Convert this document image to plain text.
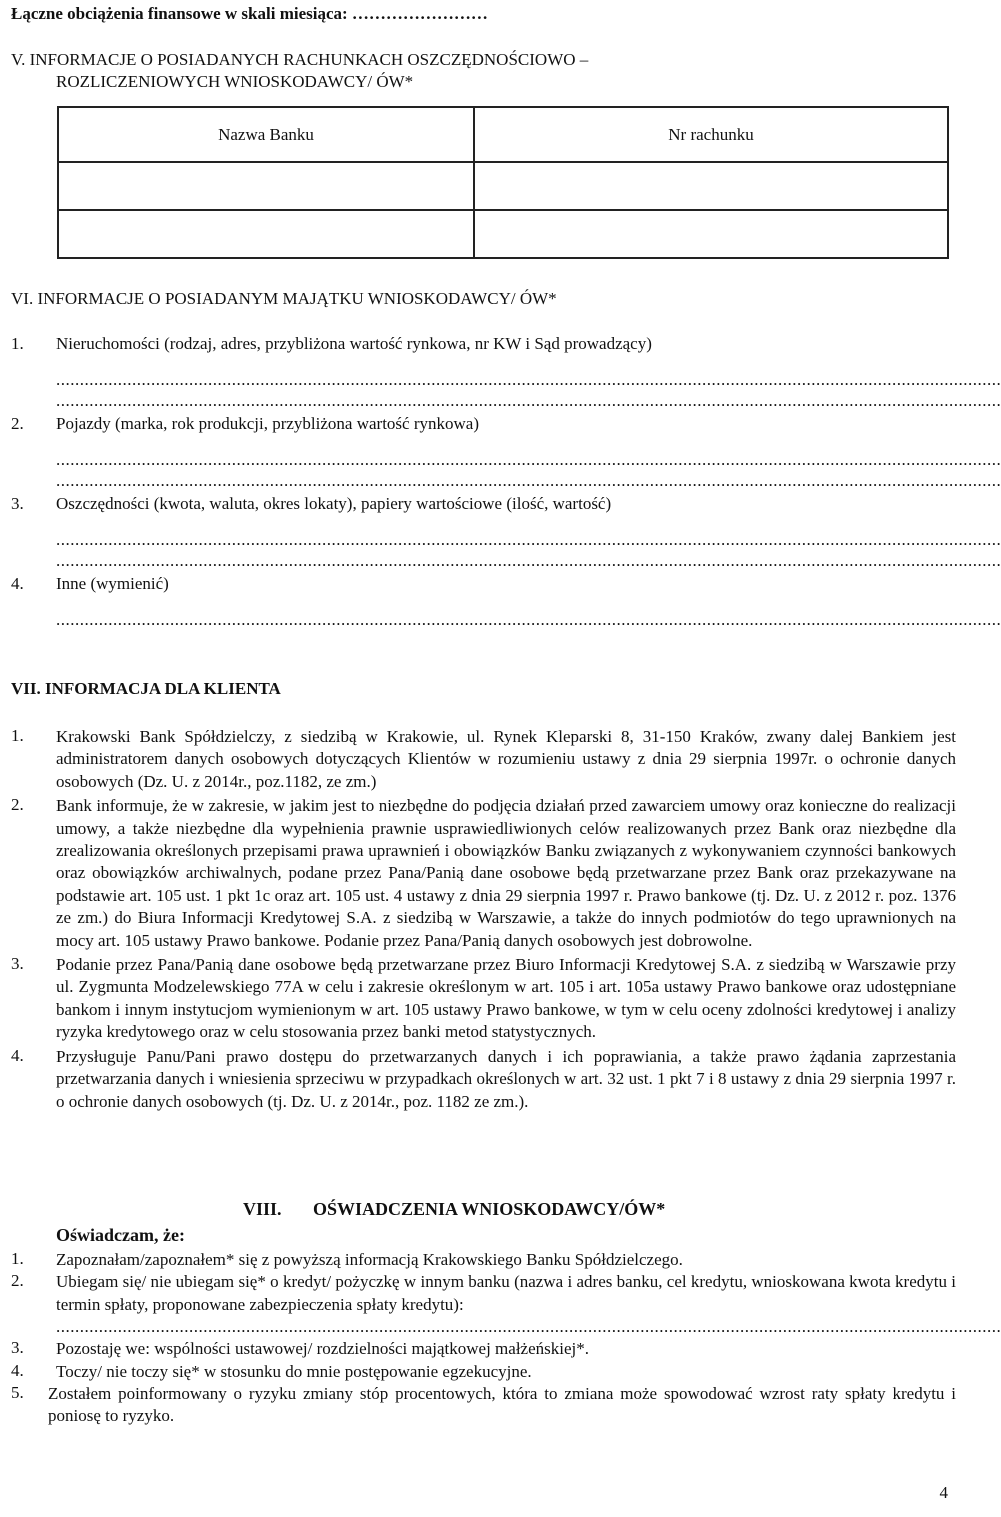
Łączne obciążenia finansowe w skali miesiąca: ……………………
V. INFORMACJE O POSIADANYCH RACHUNKACH OSZCZĘDNOŚCIOWO –
ROZLICZENIOWYCH WNIOSKODAWCY/ ÓW*
Nazwa Banku	Nr rachunku

VI. INFORMACJE O POSIADANYM MAJĄTKU WNIOSKODAWCY/ ÓW*
1. Nieruchomości (rodzaj, adres, przybliżona wartość rynkowa, nr KW i Sąd prowadzący)
.......................................................................................................................................................................................................
.......................................................................................................................................................................................................
2. Pojazdy (marka, rok produkcji, przybliżona wartość rynkowa)
.......................................................................................................................................................................................................
.......................................................................................................................................................................................................
3. Oszczędności (kwota, waluta, okres lokaty), papiery wartościowe (ilość, wartość)
.......................................................................................................................................................................................................
.......................................................................................................................................................................................................
4. Inne (wymienić)
.......................................................................................................................................................................................................
VII. INFORMACJA DLA KLIENTA
1. Krakowski Bank Spółdzielczy, z siedzibą w Krakowie, ul. Rynek Kleparski 8, 31-150 Kraków, zwany dalej Bankiem jest administratorem danych osobowych dotyczących Klientów w rozumieniu ustawy z dnia 29 sierpnia 1997r. o ochronie danych osobowych (Dz. U. z 2014r., poz.1182, ze zm.)
2. Bank informuje, że w zakresie, w jakim jest to niezbędne do podjęcia działań przed zawarciem umowy oraz konieczne do realizacji umowy, a także niezbędne dla wypełnienia prawnie usprawiedliwionych celów realizowanych przez Bank oraz niezbędne dla zrealizowania określonych przepisami prawa uprawnień i obowiązków Banku związanych z wykonywaniem czynności bankowych oraz obowiązków archiwalnych, podane przez Pana/Panią dane osobowe będą przetwarzane przez Bank oraz przekazywane na podstawie art. 105 ust. 1 pkt 1c oraz art. 105 ust. 4 ustawy z dnia 29 sierpnia 1997 r. Prawo bankowe (tj. Dz. U. z 2012 r. poz. 1376 ze zm.) do Biura Informacji Kredytowej S.A. z siedzibą w Warszawie, a także do innych podmiotów do tego uprawnionych na mocy art. 105 ustawy Prawo bankowe. Podanie przez Pana/Panią danych osobowych jest dobrowolne.
3. Podanie przez Pana/Panią dane osobowe będą przetwarzane przez Biuro Informacji Kredytowej S.A. z siedzibą w Warszawie przy ul. Zygmunta Modzelewskiego 77A w celu i zakresie określonym w art. 105 i art. 105a ustawy Prawo bankowe oraz udostępniane bankom i innym instytucjom wymienionym w art. 105 ustawy Prawo bankowe, w tym w celu oceny zdolności kredytowej i analizy ryzyka kredytowego oraz w celu stosowania przez banki metod statystycznych.
4. Przysługuje Panu/Pani prawo dostępu do przetwarzanych danych i ich poprawiania, a także prawo żądania zaprzestania przetwarzania danych i wniesienia sprzeciwu w przypadkach określonych w art. 32 ust. 1 pkt 7 i 8 ustawy z dnia 29 sierpnia 1997 r. o ochronie danych osobowych (tj. Dz. U. z 2014r., poz. 1182 ze zm.).
VIII. OŚWIADCZENIA WNIOSKODAWCY/ÓW*
Oświadczam, że:
1. Zapoznałam/zapoznałem* się z powyższą informacją Krakowskiego Banku Spółdzielczego.
2. Ubiegam się/ nie ubiegam się* o kredyt/ pożyczkę w innym banku (nazwa i adres banku, cel kredytu, wnioskowana kwota kredytu i termin spłaty, proponowane zabezpieczenia spłaty kredytu):
.......................................................................................................................................................................................................
3. Pozostaję we: wspólności ustawowej/ rozdzielności majątkowej małżeńskiej*.
4. Toczy/ nie toczy się* w stosunku do mnie postępowanie egzekucyjne.
5. Zostałem poinformowany o ryzyku zmiany stóp procentowych, która to zmiana może spowodować wzrost raty spłaty kredytu i poniosę to ryzyko.
4
